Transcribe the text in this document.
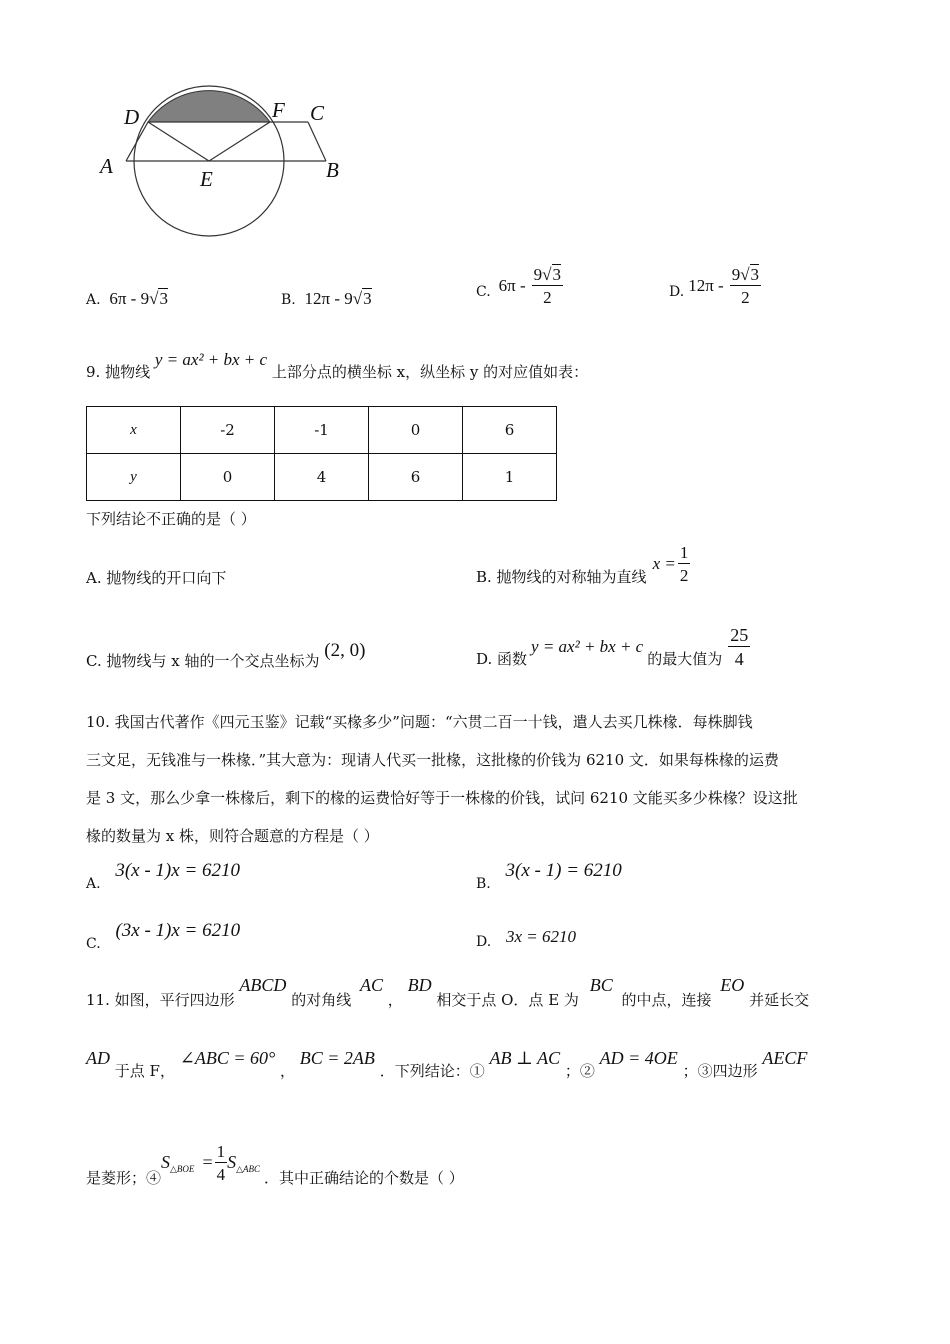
D	F C
A
E	B
A. 6π - 9√3	B. 12π - 9√3	C. $6\pi - \frac{9√3}{2}$	D. $12\pi - \frac{9√3}{2}$
9. 抛物线 y = ax² + bx + c 上部分点的横坐标 x，纵坐标 y 的对应值如表：
x	-2	-1	0	6
y	0	4	6	1
下列结论不正确的是（ ）
A. 抛物线的开口向下	B. 抛物线的对称轴为直线
$x = \frac{1}{2}$
C. 抛物线与 x 轴的一个交点坐标为 (2, 0)	D. 函数
y = ax² + bx + c
的最大值为 $\frac{25}{4}$
10. 我国古代著作《四元玉鉴》记载“买椽多少”问题：“六贯二百一十钱，遣人去买几株椽．每株脚钱
三文足，无钱准与一株椽．”其大意为：现请人代买一批椽，这批椽的价钱为 6210 文．如果每株椽的运费
是 3 文，那么少拿一株椽后，剩下的椽的运费恰好等于一株椽的价钱，试问 6210 文能买多少株椽？设这批
椽的数量为 x 株，则符合题意的方程是（ ）
A. 3(x - 1)x = 6210
B. 3(x - 1) = 6210
C. (3x - 1)x = 6210
D. 3x = 6210
11. 如图，平行四边形 ABCD 的对角线 AC ， BD 相交于点 O．点 E 为 BC 的中点，连接 EO 并延长交
AD 于点 F， ∠ABC = 60° ， BC = 2AB ．下列结论：① AB ⊥ AC ；② AD = 4OE ；③四边形 AECF
是菱形；④
S △BOE = $\frac{1}{4}$ S △ABC ．其中正确结论的个数是（ ）
